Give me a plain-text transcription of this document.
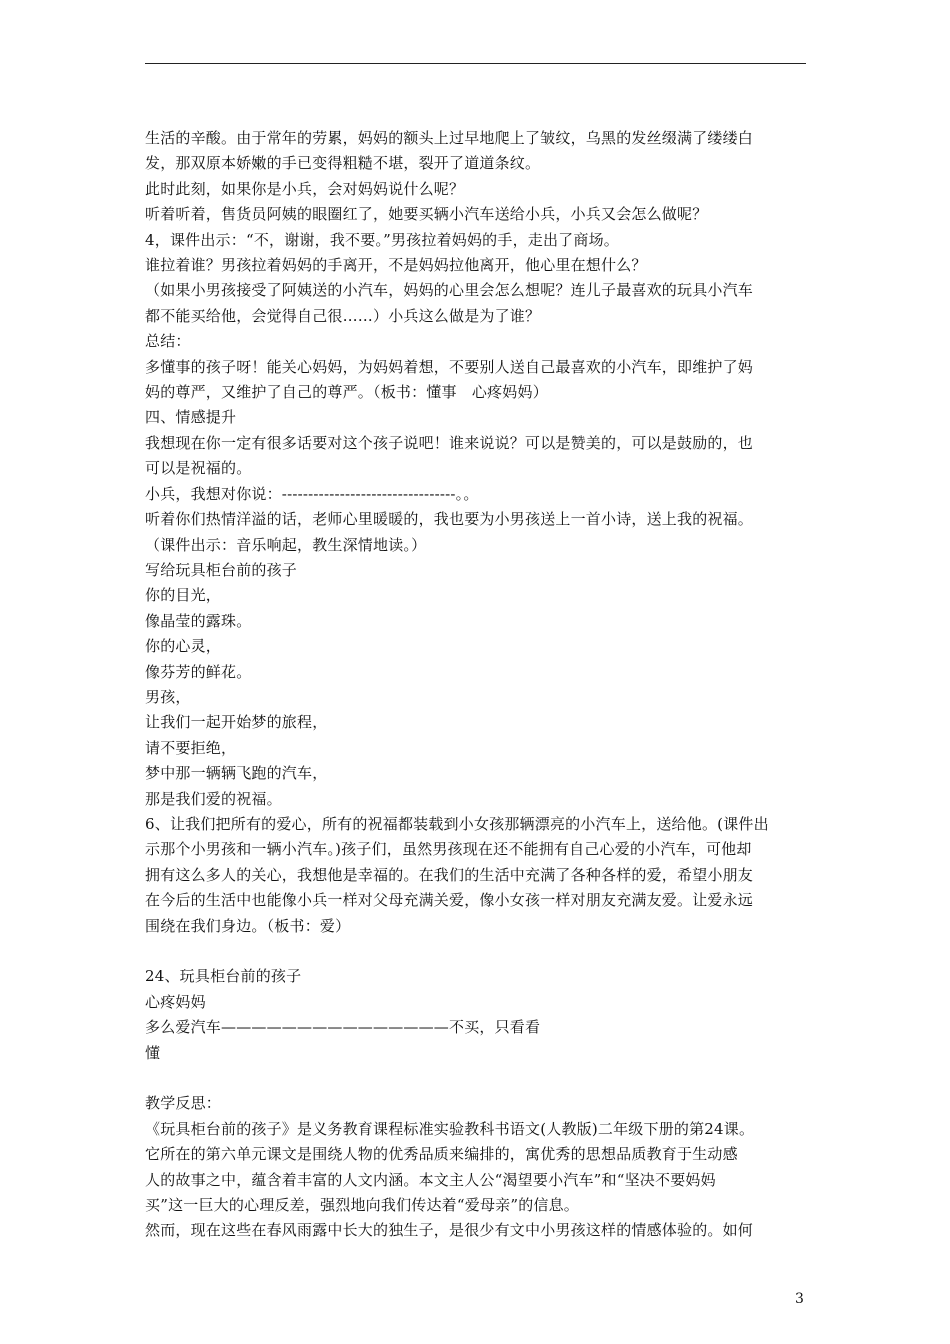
生活的辛酸。由于常年的劳累，妈妈的额头上过早地爬上了皱纹，乌黑的发丝缀满了缕缕白

发，那双原本娇嫩的手已变得粗糙不堪，裂开了道道条纹。

此时此刻，如果你是小兵，会对妈妈说什么呢？

听着听着，售货员阿姨的眼圈红了，她要买辆小汽车送给小兵，小兵又会怎么做呢？

4，课件出示：“不，谢谢，我不要。”男孩拉着妈妈的手，走出了商场。

谁拉着谁？男孩拉着妈妈的手离开，不是妈妈拉他离开，他心里在想什么？

（如果小男孩接受了阿姨送的小汽车，妈妈的心里会怎么想呢？连儿子最喜欢的玩具小汽车

都不能买给他，会觉得自己很……）小兵这么做是为了谁？

总结：

多懂事的孩子呀！能关心妈妈，为妈妈着想，不要别人送自己最喜欢的小汽车，即维护了妈

妈的尊严，又维护了自己的尊严。（板书：懂事　心疼妈妈）

四、情感提升

我想现在你一定有很多话要对这个孩子说吧！谁来说说？可以是赞美的，可以是鼓励的，也

可以是祝福的。

小兵，我想对你说：---------------------------------。。

听着你们热情洋溢的话，老师心里暖暖的，我也要为小男孩送上一首小诗，送上我的祝福。

（课件出示：音乐响起，教生深情地读。）

写给玩具柜台前的孩子

你的目光，

像晶莹的露珠。

你的心灵，

像芬芳的鲜花。

男孩，

让我们一起开始梦的旅程，

请不要拒绝，

梦中那一辆辆飞跑的汽车，

那是我们爱的祝福。

6、让我们把所有的爱心，所有的祝福都装载到小女孩那辆漂亮的小汽车上，送给他。(课件出

示那个小男孩和一辆小汽车。)孩子们，虽然男孩现在还不能拥有自己心爱的小汽车，可他却

拥有这么多人的关心，我想他是幸福的。在我们的生活中充满了各种各样的爱，希望小朋友

在今后的生活中也能像小兵一样对父母充满关爱，像小女孩一样对朋友充满友爱。让爱永远

围绕在我们身边。（板书：爱）

24、玩具柜台前的孩子

心疼妈妈

多么爱汽车———————————————不买，只看看

懂

教学反思：

《玩具柜台前的孩子》是义务教育课程标准实验教科书语文(人教版)二年级下册的第24课。

它所在的第六单元课文是围绕人物的优秀品质来编排的，寓优秀的思想品质教育于生动感

人的故事之中，蕴含着丰富的人文内涵。本文主人公“渴望要小汽车”和“坚决不要妈妈

买”这一巨大的心理反差，强烈地向我们传达着“爱母亲”的信息。

然而，现在这些在春风雨露中长大的独生子，是很少有文中小男孩这样的情感体验的。如何

3
